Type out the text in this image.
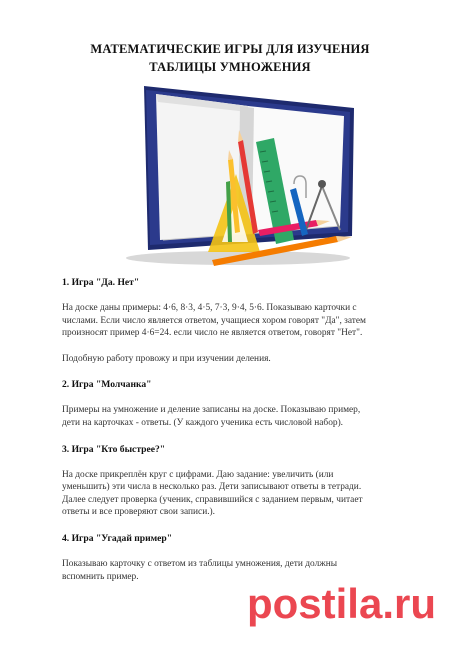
МАТЕМАТИЧЕСКИЕ ИГРЫ ДЛЯ ИЗУЧЕНИЯ
ТАБЛИЦЫ УМНОЖЕНИЯ

1. Игра "Да. Нет"

На доске даны примеры: 4·6, 8·3, 4·5, 7·3, 9·4, 5·6. Показываю карточки с
числами. Если число является ответом, учащиеся хором говорят "Да", затем
произносят пример 4·6=24. если число не является ответом, говорят "Нет".

Подобную работу провожу и при изучении деления.

2. Игра "Молчанка"

Примеры на умножение и деление записаны на доске. Показываю пример,
дети на карточках - ответы. (У каждого ученика есть числовой набор).

3. Игра "Кто быстрее?"

На доске прикреплён круг с цифрами. Даю задание: увеличить (или
уменьшить) эти числа в несколько раз. Дети записывают ответы в тетради.
Далее следует проверка (ученик, справившийся с заданием первым, читает
ответы и все проверяют свои записи.).

4. Игра "Угадай пример"

Показываю карточку с ответом из таблицы умножения, дети должны
вспомнить пример.

postila.ru
